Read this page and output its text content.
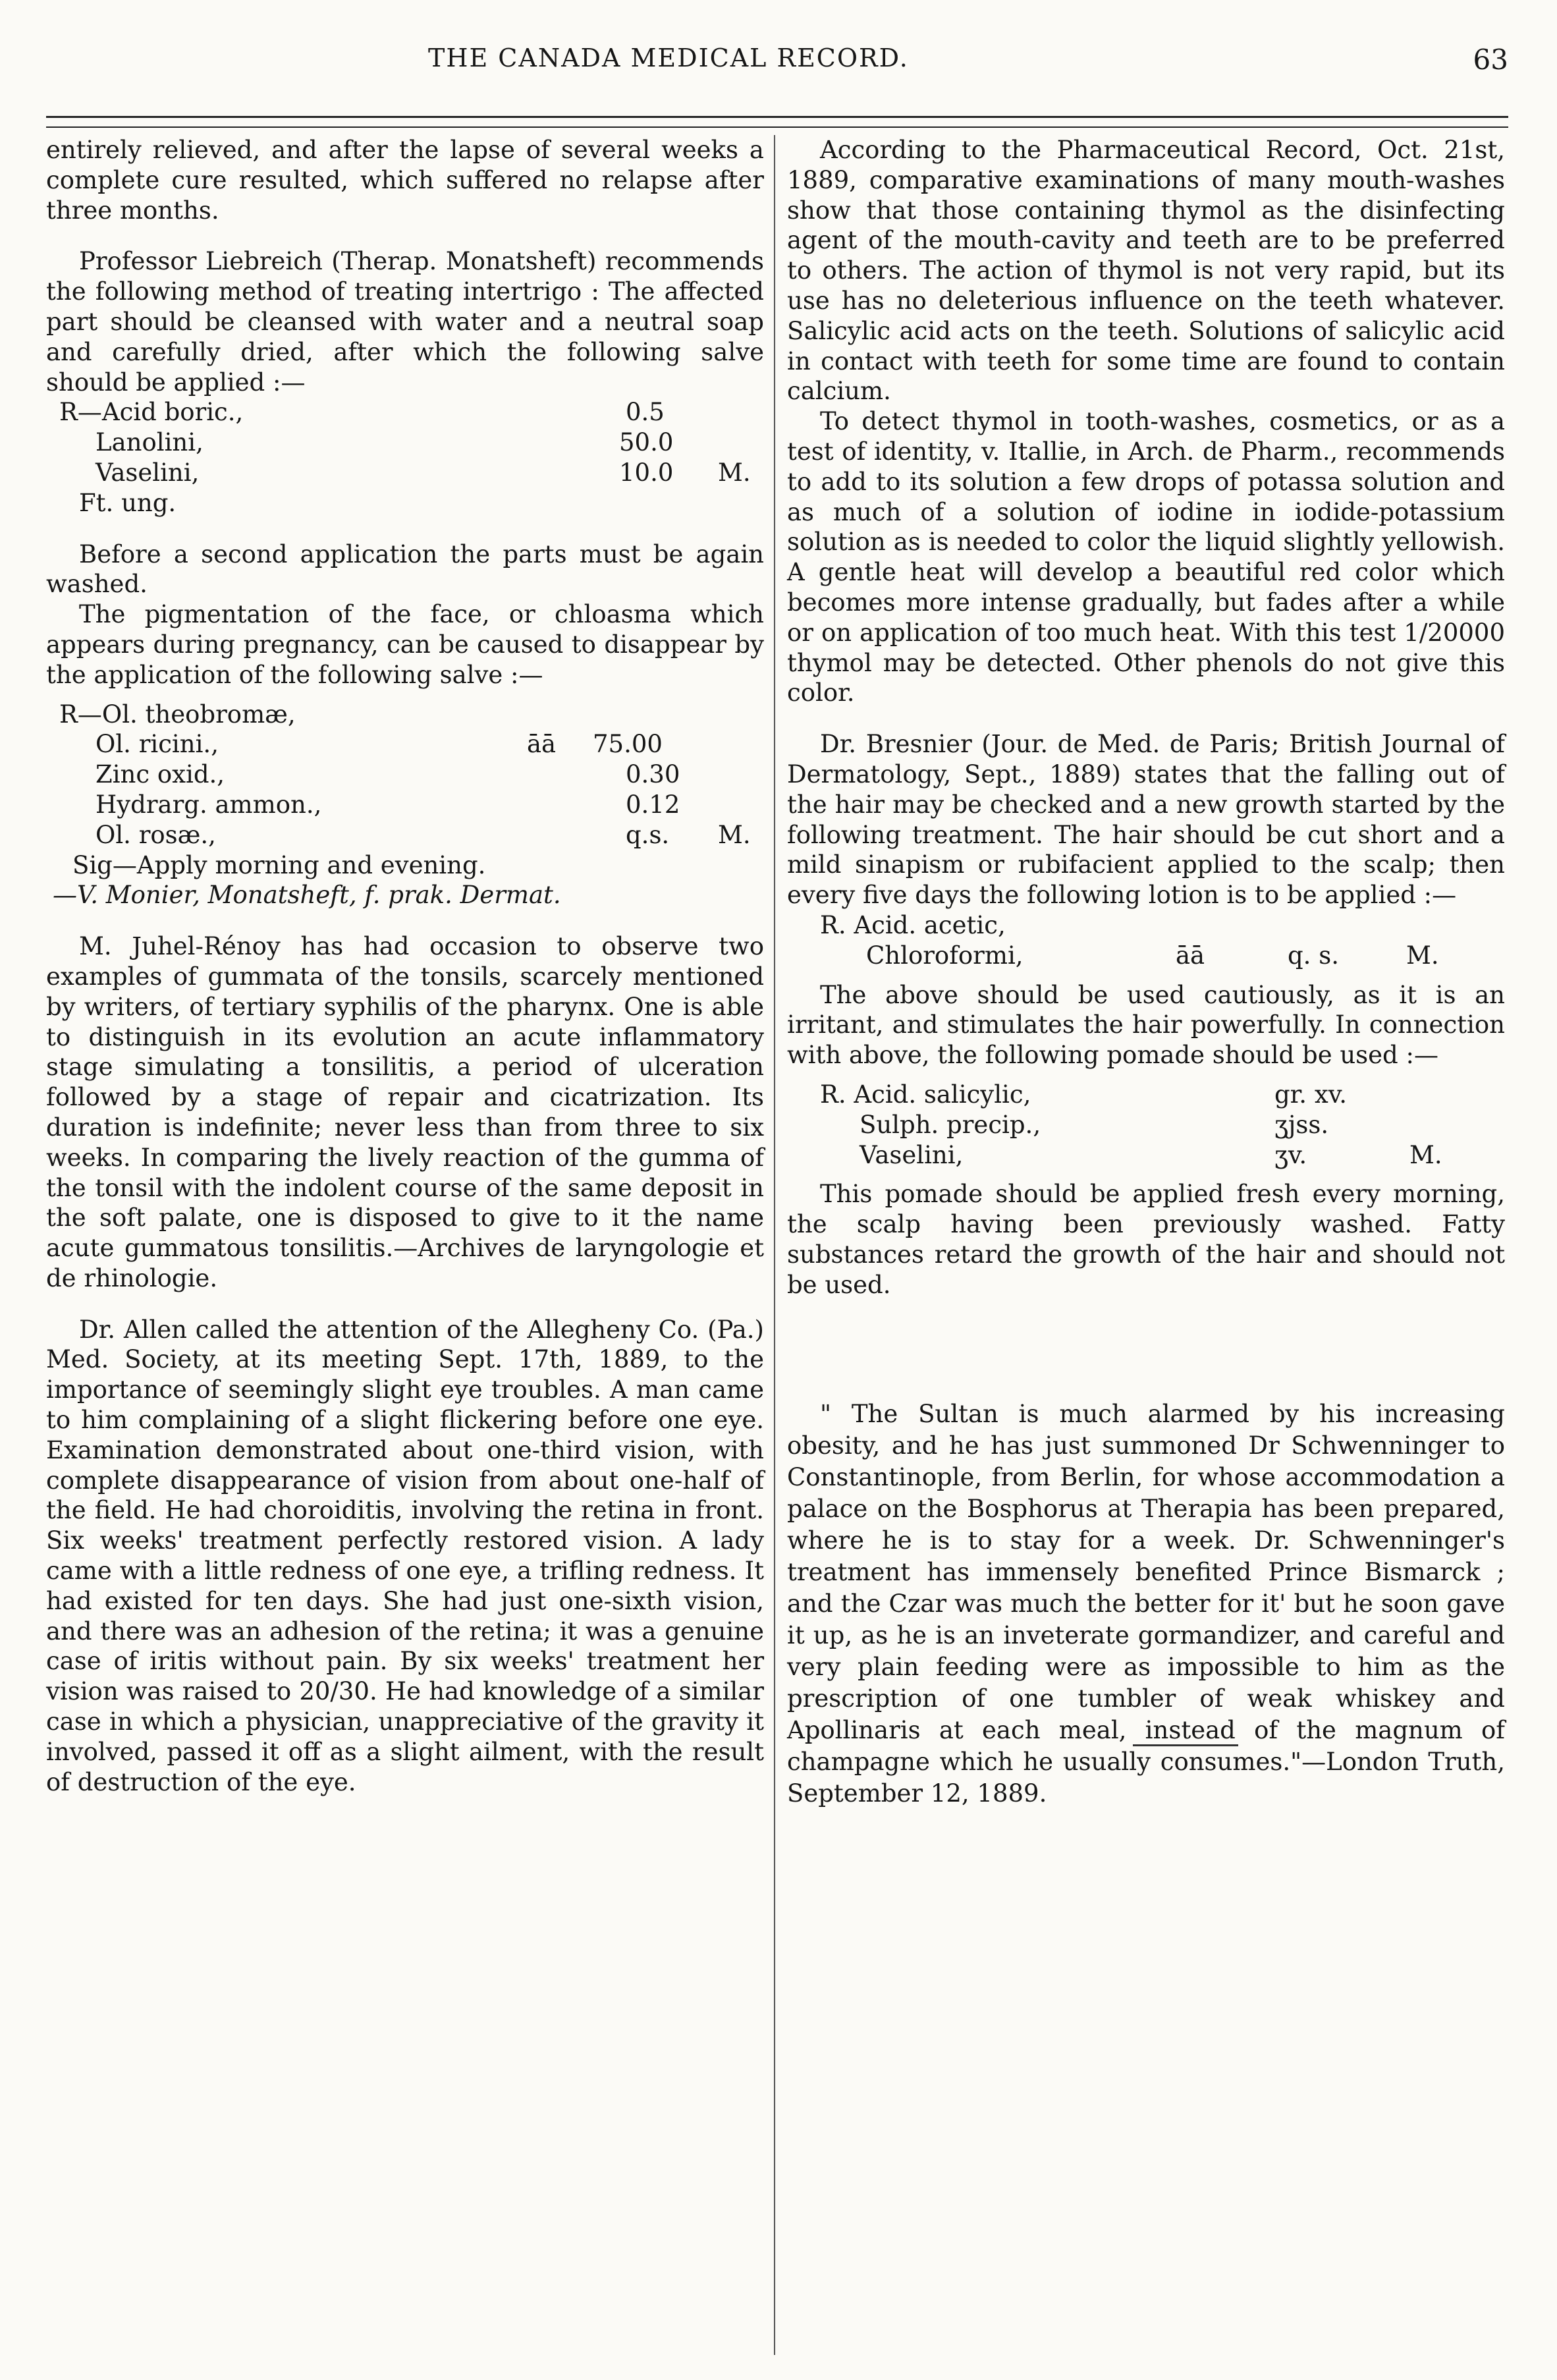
THE CANADA MEDICAL RECORD.	63

entirely relieved, and after the lapse of several weeks a complete cure resulted, which suffered no relapse after three months.

Professor Liebreich (Therap. Monatsheft) recommends the following method of treating intertrigo : The affected part should be cleansed with water and a neutral soap and carefully dried, after which the following salve should be applied :—

R—Acid boric.,	0.5
Lanolini,	50.0
Vaselini,	10.0 M.
Ft. ung.

Before a second application the parts must be again washed.

The pigmentation of the face, or chloasma which appears during pregnancy, can be caused to disappear by the application of the following salve :—

R—Ol. theobromæ,
Ol. ricini.,	āā 75.00
Zinc oxid.,	0.30
Hydrarg. ammon.,	0.12
Ol. rosæ.,	q.s. M.
Sig—Apply morning and evening.
—V. Monier, Monatsheft, f. prak. Dermat.

M. Juhel-Rénoy has had occasion to observe two examples of gummata of the tonsils, scarcely mentioned by writers, of tertiary syphilis of the pharynx. One is able to distinguish in its evolution an acute inflammatory stage simulating a tonsilitis, a period of ulceration followed by a stage of repair and cicatrization. Its duration is indefinite; never less than from three to six weeks. In comparing the lively reaction of the gumma of the tonsil with the indolent course of the same deposit in the soft palate, one is disposed to give to it the name acute gummatous tonsilitis.—Archives de laryngologie et de rhinologie.

Dr. Allen called the attention of the Allegheny Co. (Pa.) Med. Society, at its meeting Sept. 17th, 1889, to the importance of seemingly slight eye troubles. A man came to him complaining of a slight flickering before one eye. Examination demonstrated about one-third vision, with complete disappearance of vision from about one-half of the field. He had choroiditis, involving the retina in front. Six weeks' treatment perfectly restored vision. A lady came with a little redness of one eye, a trifling redness. It had existed for ten days. She had just one-sixth vision, and there was an adhesion of the retina; it was a genuine case of iritis without pain. By six weeks' treatment her vision was raised to 20/30. He had knowledge of a similar case in which a physician, unappreciative of the gravity it involved, passed it off as a slight ailment, with the result of destruction of the eye.

According to the Pharmaceutical Record, Oct. 21st, 1889, comparative examinations of many mouth-washes show that those containing thymol as the disinfecting agent of the mouth-cavity and teeth are to be preferred to others. The action of thymol is not very rapid, but its use has no deleterious influence on the teeth whatever. Salicylic acid acts on the teeth. Solutions of salicylic acid in contact with teeth for some time are found to contain calcium.

To detect thymol in tooth-washes, cosmetics, or as a test of identity, v. Itallie, in Arch. de Pharm., recommends to add to its solution a few drops of potassa solution and as much of a solution of iodine in iodide-potassium solution as is needed to color the liquid slightly yellowish. A gentle heat will develop a beautiful red color which becomes more intense gradually, but fades after a while or on application of too much heat. With this test 1/20000 thymol may be detected. Other phenols do not give this color.

Dr. Bresnier (Jour. de Med. de Paris; British Journal of Dermatology, Sept., 1889) states that the falling out of the hair may be checked and a new growth started by the following treatment. The hair should be cut short and a mild sinapism or rubifacient applied to the scalp; then every five days the following lotion is to be applied :—

R. Acid. acetic,
Chloroformi,	āā	q. s.	M.

The above should be used cautiously, as it is an irritant, and stimulates the hair powerfully. In connection with above, the following pomade should be used :—

R. Acid. salicylic,	gr. xv.
Sulph. precip.,	ʒjss.
Vaselini,	ʒv.	M.

This pomade should be applied fresh every morning, the scalp having been previously washed. Fatty substances retard the growth of the hair and should not be used.

" The Sultan is much alarmed by his increasing obesity, and he has just summoned Dr Schwenninger to Constantinople, from Berlin, for whose accommodation a palace on the Bosphorus at Therapia has been prepared, where he is to stay for a week. Dr. Schwenninger's treatment has immensely benefited Prince Bismarck ; and the Czar was much the better for it' but he soon gave it up, as he is an inveterate gormandizer, and careful and very plain feeding were as impossible to him as the prescription of one tumbler of weak whiskey and Apollinaris at each meal, instead of the magnum of champagne which he usually consumes."—London Truth, September 12, 1889.
